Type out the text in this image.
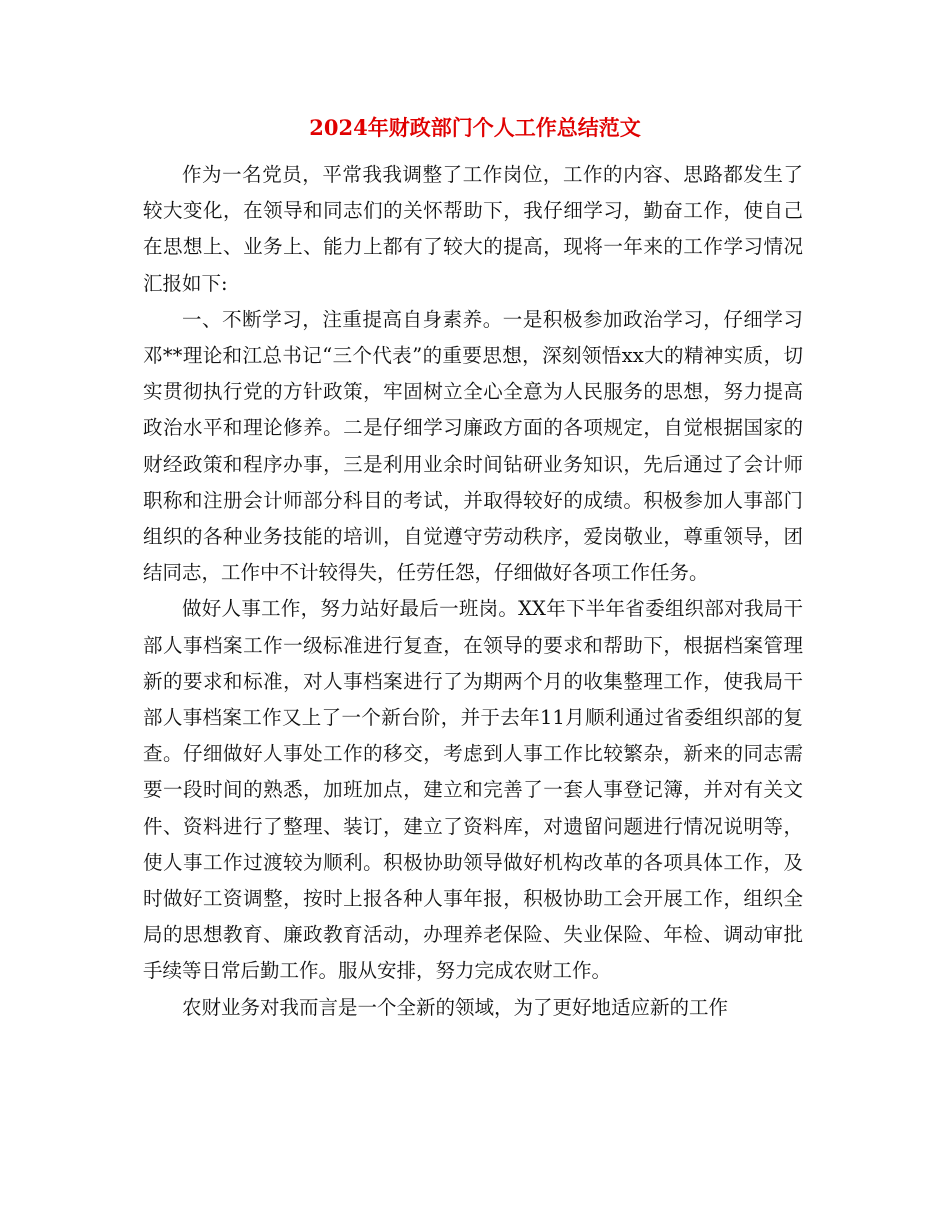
2024年财政部门个人工作总结范文

作为一名党员，平常我我调整了工作岗位，工作的内容、思路都发生了较大变化，在领导和同志们的关怀帮助下，我仔细学习，勤奋工作，使自己在思想上、业务上、能力上都有了较大的提高，现将一年来的工作学习情况汇报如下:

一、不断学习，注重提高自身素养。一是积极参加政治学习，仔细学习邓**理论和江总书记“三个代表”的重要思想，深刻领悟xx大的精神实质，切实贯彻执行党的方针政策，牢固树立全心全意为人民服务的思想，努力提高政治水平和理论修养。二是仔细学习廉政方面的各项规定，自觉根据国家的财经政策和程序办事，三是利用业余时间钻研业务知识，先后通过了会计师职称和注册会计师部分科目的考试，并取得较好的成绩。积极参加人事部门组织的各种业务技能的培训，自觉遵守劳动秩序，爱岗敬业，尊重领导，团结同志，工作中不计较得失，任劳任怨，仔细做好各项工作任务。

做好人事工作，努力站好最后一班岗。XX年下半年省委组织部对我局干部人事档案工作一级标准进行复查，在领导的要求和帮助下，根据档案管理新的要求和标准，对人事档案进行了为期两个月的收集整理工作，使我局干部人事档案工作又上了一个新台阶，并于去年11月顺利通过省委组织部的复查。仔细做好人事处工作的移交，考虑到人事工作比较繁杂，新来的同志需要一段时间的熟悉，加班加点，建立和完善了一套人事登记簿，并对有关文件、资料进行了整理、装订，建立了资料库，对遗留问题进行情况说明等，使人事工作过渡较为顺利。积极协助领导做好机构改革的各项具体工作，及时做好工资调整，按时上报各种人事年报，积极协助工会开展工作，组织全局的思想教育、廉政教育活动，办理养老保险、失业保险、年检、调动审批手续等日常后勤工作。服从安排，努力完成农财工作。

农财业务对我而言是一个全新的领域，为了更好地适应新的工作
